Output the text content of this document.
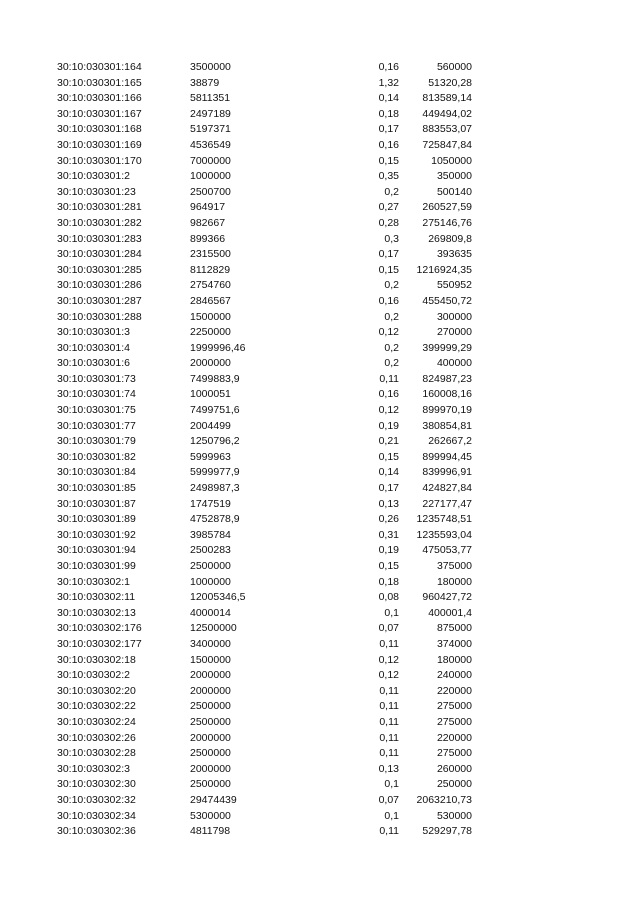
30:10:030301:164	3500000	0,16	560000
30:10:030301:165	38879	1,32	51320,28
30:10:030301:166	5811351	0,14	813589,14
30:10:030301:167	2497189	0,18	449494,02
30:10:030301:168	5197371	0,17	883553,07
30:10:030301:169	4536549	0,16	725847,84
30:10:030301:170	7000000	0,15	1050000
30:10:030301:2	1000000	0,35	350000
30:10:030301:23	2500700	0,2	500140
30:10:030301:281	964917	0,27	260527,59
30:10:030301:282	982667	0,28	275146,76
30:10:030301:283	899366	0,3	269809,8
30:10:030301:284	2315500	0,17	393635
30:10:030301:285	8112829	0,15	1216924,35
30:10:030301:286	2754760	0,2	550952
30:10:030301:287	2846567	0,16	455450,72
30:10:030301:288	1500000	0,2	300000
30:10:030301:3	2250000	0,12	270000
30:10:030301:4	1999996,46	0,2	399999,29
30:10:030301:6	2000000	0,2	400000
30:10:030301:73	7499883,9	0,11	824987,23
30:10:030301:74	1000051	0,16	160008,16
30:10:030301:75	7499751,6	0,12	899970,19
30:10:030301:77	2004499	0,19	380854,81
30:10:030301:79	1250796,2	0,21	262667,2
30:10:030301:82	5999963	0,15	899994,45
30:10:030301:84	5999977,9	0,14	839996,91
30:10:030301:85	2498987,3	0,17	424827,84
30:10:030301:87	1747519	0,13	227177,47
30:10:030301:89	4752878,9	0,26	1235748,51
30:10:030301:92	3985784	0,31	1235593,04
30:10:030301:94	2500283	0,19	475053,77
30:10:030301:99	2500000	0,15	375000
30:10:030302:1	1000000	0,18	180000
30:10:030302:11	12005346,5	0,08	960427,72
30:10:030302:13	4000014	0,1	400001,4
30:10:030302:176	12500000	0,07	875000
30:10:030302:177	3400000	0,11	374000
30:10:030302:18	1500000	0,12	180000
30:10:030302:2	2000000	0,12	240000
30:10:030302:20	2000000	0,11	220000
30:10:030302:22	2500000	0,11	275000
30:10:030302:24	2500000	0,11	275000
30:10:030302:26	2000000	0,11	220000
30:10:030302:28	2500000	0,11	275000
30:10:030302:3	2000000	0,13	260000
30:10:030302:30	2500000	0,1	250000
30:10:030302:32	29474439	0,07	2063210,73
30:10:030302:34	5300000	0,1	530000
30:10:030302:36	4811798	0,11	529297,78
